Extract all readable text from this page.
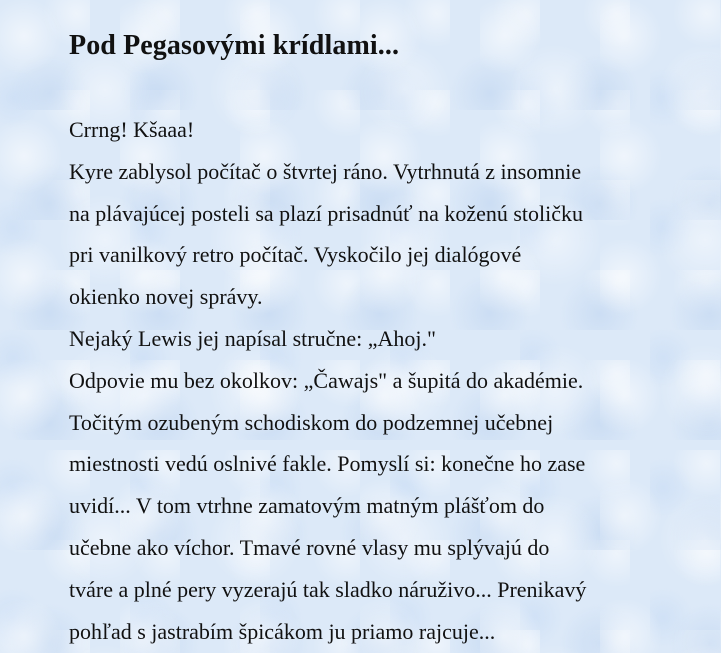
Pod Pegasovými krídlami...
Crrng! Kšaaa!
Kyre zablysol počítač o štvrtej ráno. Vytrhnutá z insomnie
na plávajúcej posteli sa plazí prisadnúť na koženú stoličku
pri vanilkový retro počítač. Vyskočilo jej dialógové
okienko novej správy.
Nejaký Lewis jej napísal stručne: „Ahoj."
Odpovie mu bez okolkov: „Čawajs" a šupitá do akadémie.
Točitým ozubeným schodiskom do podzemnej učebnej
miestnosti vedú oslnivé fakle. Pomyslí si: konečne ho zase
uvidí... V tom vtrhne zamatovým matným plášťom do
učebne ako víchor. Tmavé rovné vlasy mu splývajú do
tváre a plné pery vyzerajú tak sladko náruživo... Prenikavý
pohľad s jastrabím špicákom ju priamo rajcuje...
